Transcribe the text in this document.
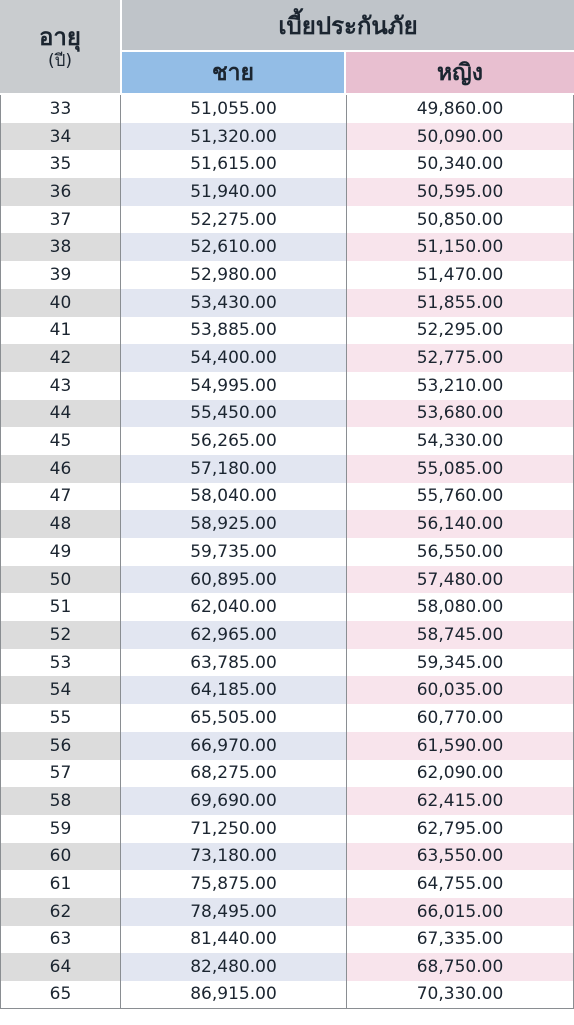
อายุ
(ปี)
เบี้ยประกันภัย
ชาย	หญิง
33	51,055.00	49,860.00
34	51,320.00	50,090.00
35	51,615.00	50,340.00
36	51,940.00	50,595.00
37	52,275.00	50,850.00
38	52,610.00	51,150.00
39	52,980.00	51,470.00
40	53,430.00	51,855.00
41	53,885.00	52,295.00
42	54,400.00	52,775.00
43	54,995.00	53,210.00
44	55,450.00	53,680.00
45	56,265.00	54,330.00
46	57,180.00	55,085.00
47	58,040.00	55,760.00
48	58,925.00	56,140.00
49	59,735.00	56,550.00
50	60,895.00	57,480.00
51	62,040.00	58,080.00
52	62,965.00	58,745.00
53	63,785.00	59,345.00
54	64,185.00	60,035.00
55	65,505.00	60,770.00
56	66,970.00	61,590.00
57	68,275.00	62,090.00
58	69,690.00	62,415.00
59	71,250.00	62,795.00
60	73,180.00	63,550.00
61	75,875.00	64,755.00
62	78,495.00	66,015.00
63	81,440.00	67,335.00
64	82,480.00	68,750.00
65	86,915.00	70,330.00
